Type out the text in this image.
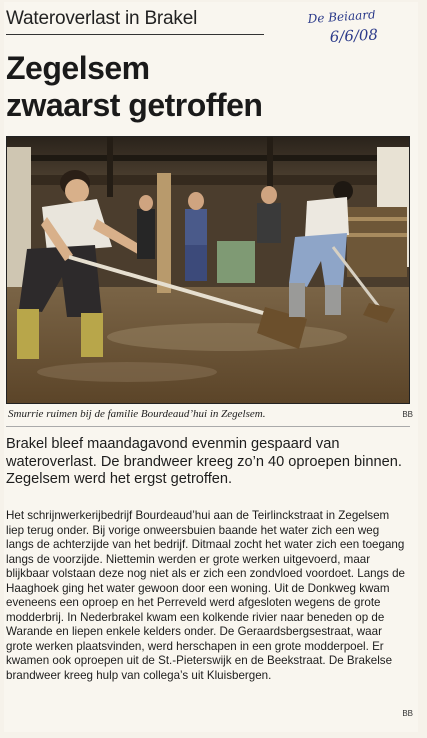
Wateroverlast in Brakel	De Beiaard
6/6/08
Zegelsem
zwaarst getroffen
Smurrie ruimen bij de familie Bourdeaud’hui in Zegelsem.	BB
Brakel bleef maandagavond evenmin gespaard van wateroverlast. De brandweer kreeg zo’n 40 oproepen binnen. Zegelsem werd het ergst getroffen.

Het schrijnwerkerijbedrijf Bourdeaud’hui aan de Teirlinckstraat in Zegelsem liep terug onder. Bij vorige onweersbuien baande het water zich een weg langs de achterzijde van het bedrijf. Ditmaal zocht het water zich een toegang langs de voorzijde. Niettemin werden er grote werken uitgevoerd, maar blijkbaar volstaan deze nog niet als er zich een zondvloed voordoet. Langs de Haaghoek ging het water gewoon door een woning. Uit de Donkweg kwam eveneens een oproep en het Perreveld werd afgesloten wegens de grote modderbrij. In Nederbrakel kwam een kolkende rivier naar beneden op de Warande en liepen enkele kelders onder. De Geraardsbergsestraat, waar grote werken plaatsvinden, werd herschapen in een grote modderpoel. Er kwamen ook oproepen uit de St.-Pieterswijk en de Beekstraat. De Brakelse brandweer kreeg hulp van collega’s uit Kluisbergen.

BB
